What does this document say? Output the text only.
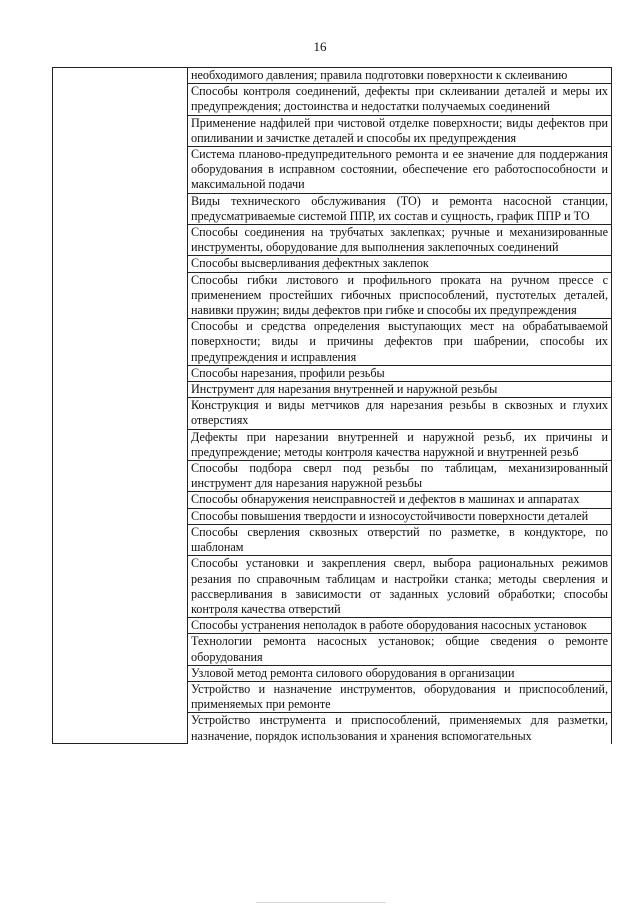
16
	необходимого давления; правила подготовки поверхности к склеиванию
Способы контроля соединений, дефекты при склеивании деталей и меры их предупреждения; достоинства и недостатки получаемых соединений
Применение надфилей при чистовой отделке поверхности; виды дефектов при опиливании и зачистке деталей и способы их предупреждения
Система планово-предупредительного ремонта и ее значение для поддержания оборудования в исправном состоянии, обеспечение его работоспособности и максимальной подачи
Виды технического обслуживания (ТО) и ремонта насосной станции, предусматриваемые системой ППР, их состав и сущность, график ППР и ТО
Способы соединения на трубчатых заклепках; ручные и механизированные инструменты, оборудование для выполнения заклепочных соединений
Способы высверливания дефектных заклепок
Способы гибки листового и профильного проката на ручном прессе с применением простейших гибочных приспособлений, пустотелых деталей, навивки пружин; виды дефектов при гибке и способы их предупреждения
Способы и средства определения выступающих мест на обрабатываемой поверхности; виды и причины дефектов при шабрении, способы их предупреждения и исправления
Способы нарезания, профили резьбы
Инструмент для нарезания внутренней и наружной резьбы
Конструкция и виды метчиков для нарезания резьбы в сквозных и глухих отверстиях
Дефекты при нарезании внутренней и наружной резьб, их причины и предупреждение; методы контроля качества наружной и внутренней резьб
Способы подбора сверл под резьбы по таблицам, механизированный инструмент для нарезания наружной резьбы
Способы обнаружения неисправностей и дефектов в машинах и аппаратах
Способы повышения твердости и износоустойчивости поверхности деталей
Способы сверления сквозных отверстий по разметке, в кондукторе, по шаблонам
Способы установки и закрепления сверл, выбора рациональных режимов резания по справочным таблицам и настройки станка; методы сверления и рассверливания в зависимости от заданных условий обработки; способы контроля качества отверстий
Способы устранения неполадок в работе оборудования насосных установок
Технологии ремонта насосных установок; общие сведения о ремонте оборудования
Узловой метод ремонта силового оборудования в организации
Устройство и назначение инструментов, оборудования и приспособлений, применяемых при ремонте
Устройство инструмента и приспособлений, применяемых для разметки, назначение, порядок использования и хранения вспомогательных
